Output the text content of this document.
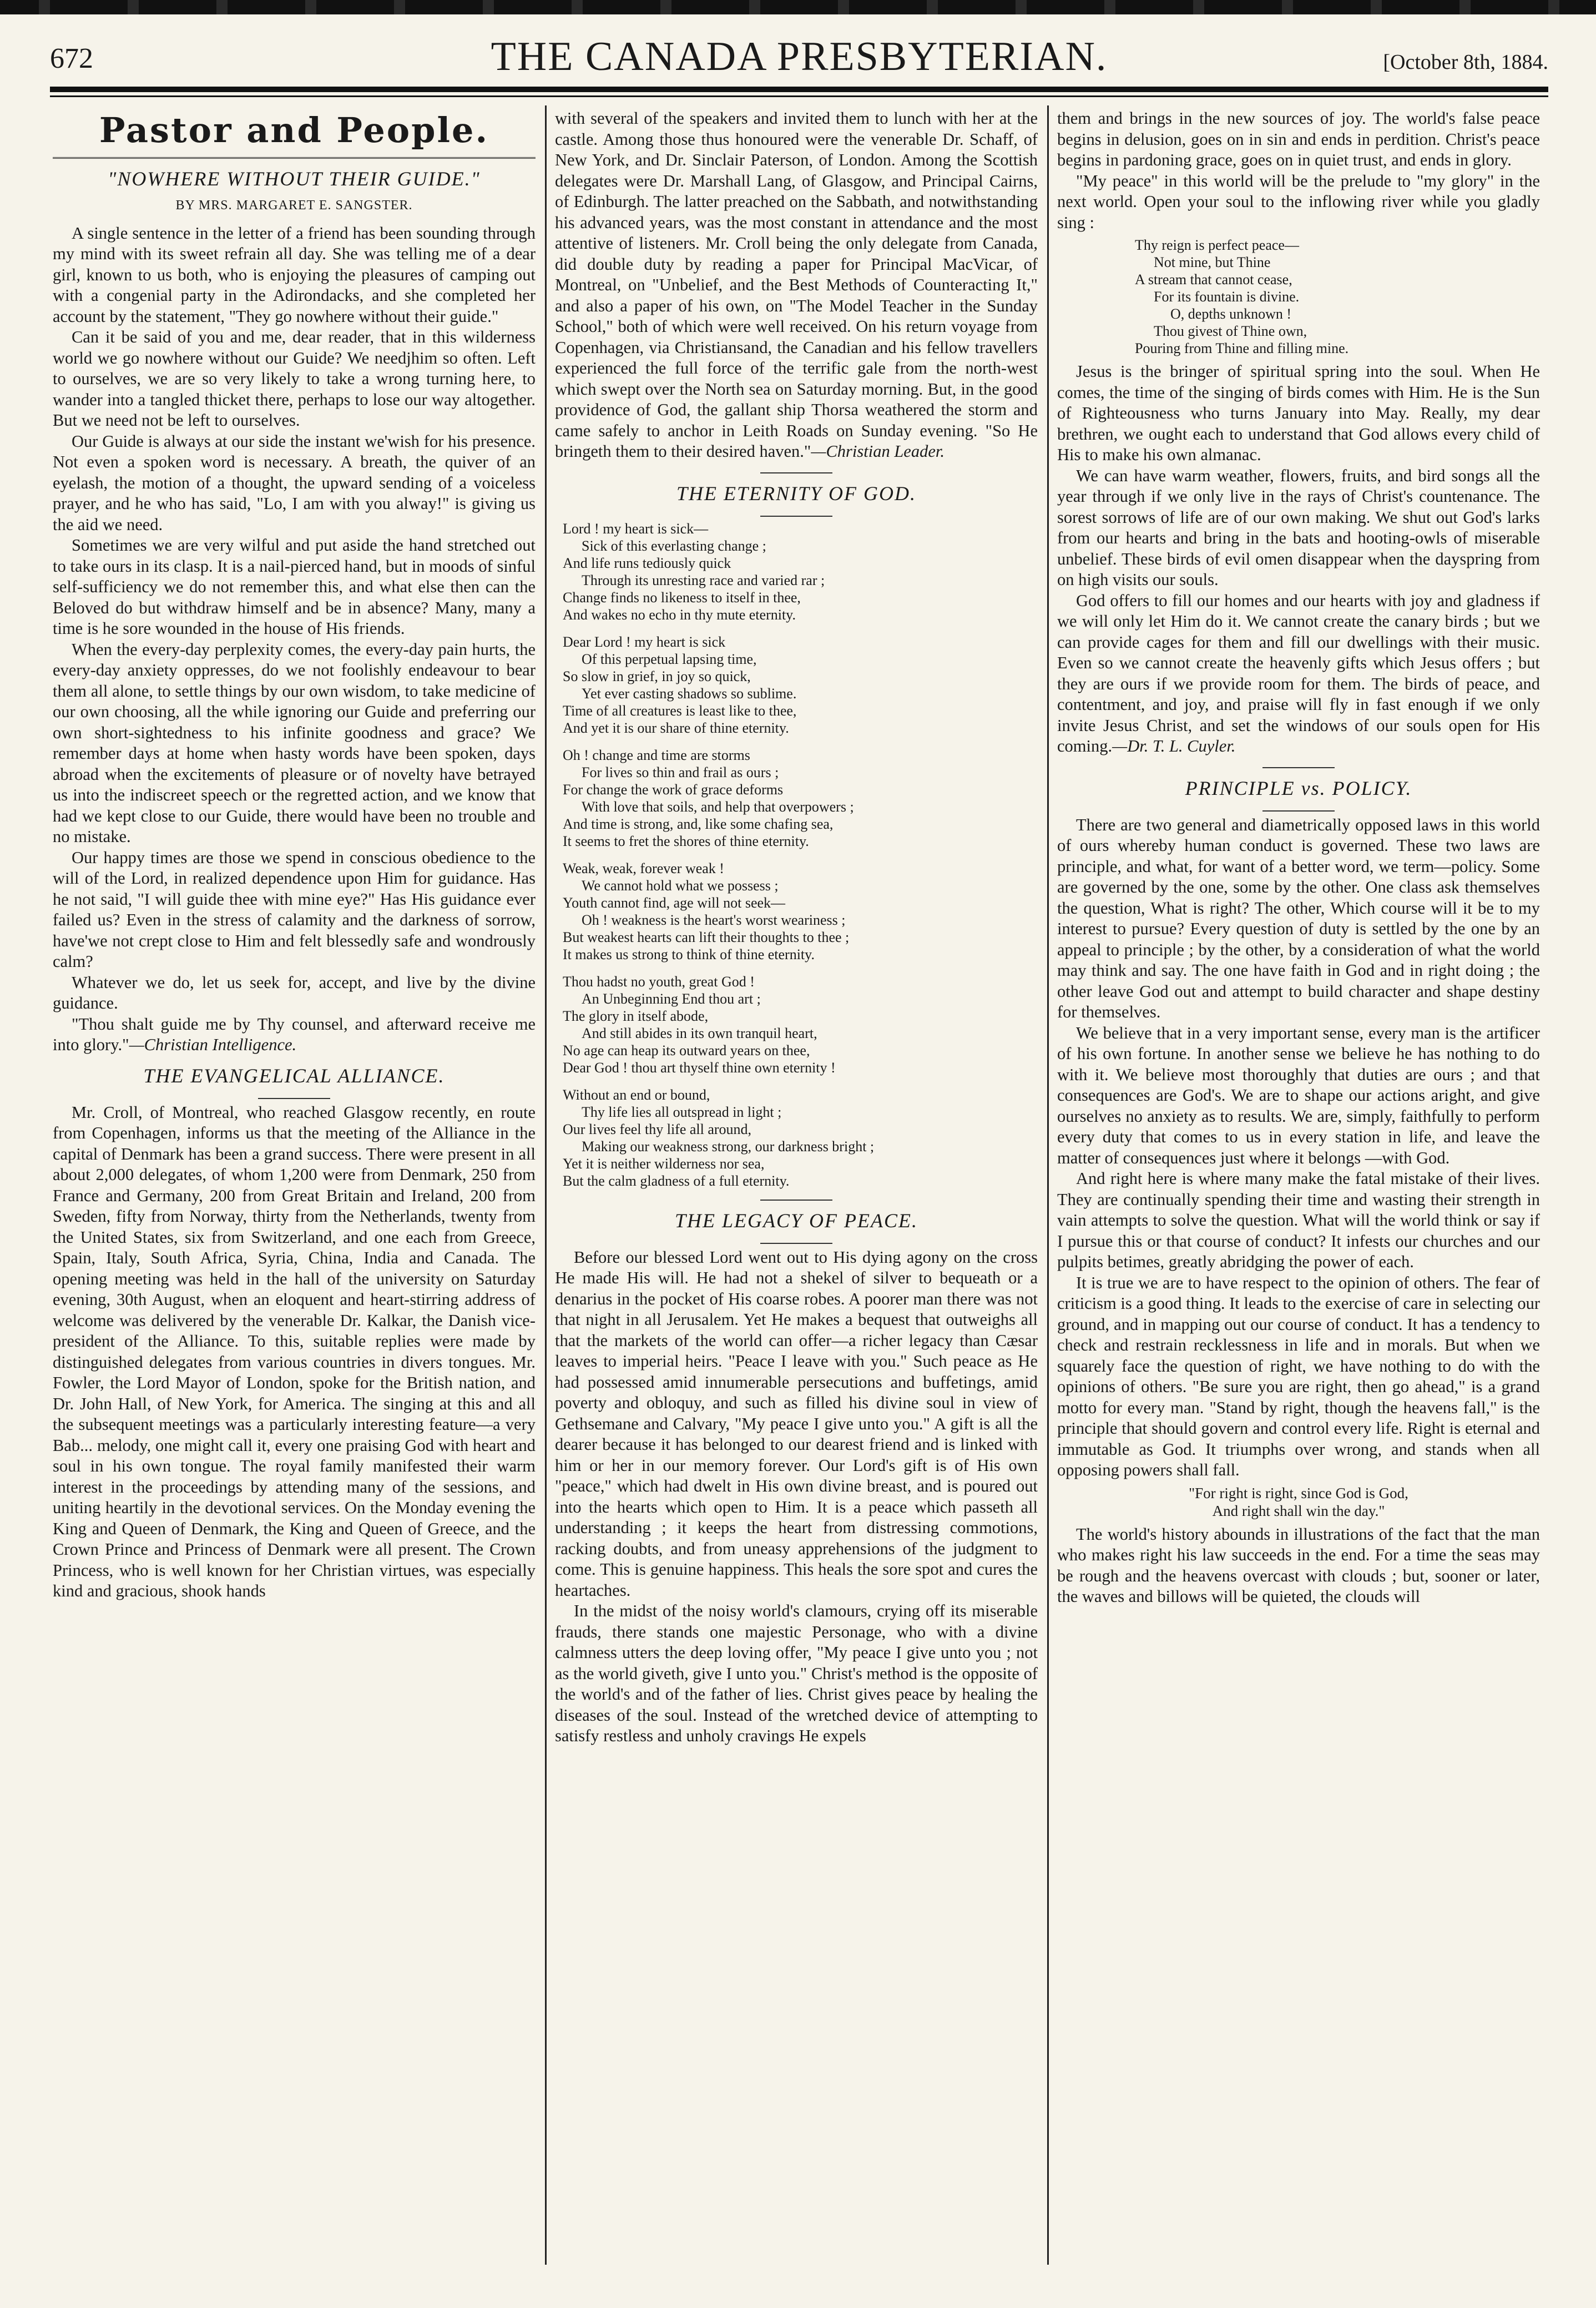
672	THE CANADA PRESBYTERIAN.	[October 8th, 1884.
Pastor and People.
"NOWHERE WITHOUT THEIR GUIDE."
BY MRS. MARGARET E. SANGSTER.

A single sentence in the letter of a friend has been sounding through my mind with its sweet refrain all day. She was telling me of a dear girl, known to us both, who is enjoying the pleasures of camping out with a congenial party in the Adirondacks, and she completed her account by the statement, "They go nowhere without their guide."

Can it be said of you and me, dear reader, that in this wilderness world we go nowhere without our Guide? We needjhim so often. Left to ourselves, we are so very likely to take a wrong turning here, to wander into a tangled thicket there, perhaps to lose our way altogether. But we need not be left to ourselves.

Our Guide is always at our side the instant we'wish for his presence. Not even a spoken word is necessary. A breath, the quiver of an eyelash, the motion of a thought, the upward sending of a voiceless prayer, and he who has said, "Lo, I am with you alway!" is giving us the aid we need.

Sometimes we are very wilful and put aside the hand stretched out to take ours in its clasp. It is a nail-pierced hand, but in moods of sinful self-sufficiency we do not remember this, and what else then can the Beloved do but withdraw himself and be in absence? Many, many a time is he sore wounded in the house of His friends.

When the every-day perplexity comes, the every-day pain hurts, the every-day anxiety oppresses, do we not foolishly endeavour to bear them all alone, to settle things by our own wisdom, to take medicine of our own choosing, all the while ignoring our Guide and preferring our own short-sightedness to his infinite goodness and grace? We remember days at home when hasty words have been spoken, days abroad when the excitements of pleasure or of novelty have betrayed us into the indiscreet speech or the regretted action, and we know that had we kept close to our Guide, there would have been no trouble and no mistake.

Our happy times are those we spend in conscious obedience to the will of the Lord, in realized dependence upon Him for guidance. Has he not said, "I will guide thee with mine eye?" Has His guidance ever failed us? Even in the stress of calamity and the darkness of sorrow, have'we not crept close to Him and felt blessedly safe and wondrously calm?

Whatever we do, let us seek for, accept, and live by the divine guidance.

"Thou shalt guide me by Thy counsel, and afterward receive me into glory."—Christian Intelligence.

THE EVANGELICAL ALLIANCE.

Mr. Croll, of Montreal, who reached Glasgow recently, en route from Copenhagen, informs us that the meeting of the Alliance in the capital of Denmark has been a grand success. There were present in all about 2,000 delegates, of whom 1,200 were from Denmark, 250 from France and Germany, 200 from Great Britain and Ireland, 200 from Sweden, fifty from Norway, thirty from the Netherlands, twenty from the United States, six from Switzerland, and one each from Greece, Spain, Italy, South Africa, Syria, China, India and Canada. The opening meeting was held in the hall of the university on Saturday evening, 30th August, when an eloquent and heart-stirring address of welcome was delivered by the venerable Dr. Kalkar, the Danish vice-president of the Alliance. To this, suitable replies were made by distinguished delegates from various countries in divers tongues. Mr. Fowler, the Lord Mayor of London, spoke for the British nation, and Dr. John Hall, of New York, for America. The singing at this and all the subsequent meetings was a particularly interesting feature—a very Bab... melody, one might call it, every one praising God with heart and soul in his own tongue. The royal family manifested their warm interest in the proceedings by attending many of the sessions, and uniting heartily in the devotional services. On the Monday evening the King and Queen of Denmark, the King and Queen of Greece, and the Crown Prince and Princess of Denmark were all present. The Crown Princess, who is well known for her Christian virtues, was especially kind and gracious, shook hands

with several of the speakers and invited them to lunch with her at the castle. Among those thus honoured were the venerable Dr. Schaff, of New York, and Dr. Sinclair Paterson, of London. Among the Scottish delegates were Dr. Marshall Lang, of Glasgow, and Principal Cairns, of Edinburgh. The latter preached on the Sabbath, and notwithstanding his advanced years, was the most constant in attendance and the most attentive of listeners. Mr. Croll being the only delegate from Canada, did double duty by reading a paper for Principal MacVicar, of Montreal, on "Unbelief, and the Best Methods of Counteracting It," and also a paper of his own, on "The Model Teacher in the Sunday School," both of which were well received. On his return voyage from Copenhagen, via Christiansand, the Canadian and his fellow travellers experienced the full force of the terrific gale from the north-west which swept over the North sea on Saturday morning. But, in the good providence of God, the gallant ship Thorsa weathered the storm and came safely to anchor in Leith Roads on Sunday evening. "So He bringeth them to their desired haven."—Christian Leader.

THE ETERNITY OF GOD.
Lord ! my heart is sick—
Sick of this everlasting change ;
And life runs tediously quick
Through its unresting race and varied rar ;
Change finds no likeness to itself in thee,
And wakes no echo in thy mute eternity.
Dear Lord ! my heart is sick
Of this perpetual lapsing time,
So slow in grief, in joy so quick,
Yet ever casting shadows so sublime.
Time of all creatures is least like to thee,
And yet it is our share of thine eternity.
Oh ! change and time are storms
For lives so thin and frail as ours ;
For change the work of grace deforms
With love that soils, and help that overpowers ;
And time is strong, and, like some chafing sea,
It seems to fret the shores of thine eternity.
Weak, weak, forever weak !
We cannot hold what we possess ;
Youth cannot find, age will not seek—
Oh ! weakness is the heart's worst weariness ;
But weakest hearts can lift their thoughts to thee ;
It makes us strong to think of thine eternity.
Thou hadst no youth, great God !
An Unbeginning End thou art ;
The glory in itself abode,
And still abides in its own tranquil heart,
No age can heap its outward years on thee,
Dear God ! thou art thyself thine own eternity !
Without an end or bound,
Thy life lies all outspread in light ;
Our lives feel thy life all around,
Making our weakness strong, our darkness bright ;
Yet it is neither wilderness nor sea,
But the calm gladness of a full eternity.
THE LEGACY OF PEACE.

Before our blessed Lord went out to His dying agony on the cross He made His will. He had not a shekel of silver to bequeath or a denarius in the pocket of His coarse robes. A poorer man there was not that night in all Jerusalem. Yet He makes a bequest that outweighs all that the markets of the world can offer—a richer legacy than Cæsar leaves to imperial heirs. "Peace I leave with you." Such peace as He had possessed amid innumerable persecutions and buffetings, amid poverty and obloquy, and such as filled his divine soul in view of Gethsemane and Calvary, "My peace I give unto you." A gift is all the dearer because it has belonged to our dearest friend and is linked with him or her in our memory forever. Our Lord's gift is of His own "peace," which had dwelt in His own divine breast, and is poured out into the hearts which open to Him. It is a peace which passeth all understanding ; it keeps the heart from distressing commotions, racking doubts, and from uneasy apprehensions of the judgment to come. This is genuine happiness. This heals the sore spot and cures the heartaches.

In the midst of the noisy world's clamours, crying off its miserable frauds, there stands one majestic Personage, who with a divine calmness utters the deep loving offer, "My peace I give unto you ; not as the world giveth, give I unto you." Christ's method is the opposite of the world's and of the father of lies. Christ gives peace by healing the diseases of the soul. Instead of the wretched device of attempting to satisfy restless and unholy cravings He expels

them and brings in the new sources of joy. The world's false peace begins in delusion, goes on in sin and ends in perdition. Christ's peace begins in pardoning grace, goes on in quiet trust, and ends in glory.

"My peace" in this world will be the prelude to "my glory" in the next world. Open your soul to the inflowing river while you gladly sing :

Thy reign is perfect peace—
Not mine, but Thine
A stream that cannot cease,
For its fountain is divine.
O, depths unknown !
Thou givest of Thine own,
Pouring from Thine and filling mine.

Jesus is the bringer of spiritual spring into the soul. When He comes, the time of the singing of birds comes with Him. He is the Sun of Righteousness who turns January into May. Really, my dear brethren, we ought each to understand that God allows every child of His to make his own almanac.

We can have warm weather, flowers, fruits, and bird songs all the year through if we only live in the rays of Christ's countenance. The sorest sorrows of life are of our own making. We shut out God's larks from our hearts and bring in the bats and hooting-owls of miserable unbelief. These birds of evil omen disappear when the dayspring from on high visits our souls.

God offers to fill our homes and our hearts with joy and gladness if we will only let Him do it. We cannot create the canary birds ; but we can provide cages for them and fill our dwellings with their music. Even so we cannot create the heavenly gifts which Jesus offers ; but they are ours if we provide room for them. The birds of peace, and contentment, and joy, and praise will fly in fast enough if we only invite Jesus Christ, and set the windows of our souls open for His coming.—Dr. T. L. Cuyler.

PRINCIPLE vs. POLICY.

There are two general and diametrically opposed laws in this world of ours whereby human conduct is governed. These two laws are principle, and what, for want of a better word, we term—policy. Some are governed by the one, some by the other. One class ask themselves the question, What is right? The other, Which course will it be to my interest to pursue? Every question of duty is settled by the one by an appeal to principle ; by the other, by a consideration of what the world may think and say. The one have faith in God and in right doing ; the other leave God out and attempt to build character and shape destiny for themselves.

We believe that in a very important sense, every man is the artificer of his own fortune. In another sense we believe he has nothing to do with it. We believe most thoroughly that duties are ours ; and that consequences are God's. We are to shape our actions aright, and give ourselves no anxiety as to results. We are, simply, faithfully to perform every duty that comes to us in every station in life, and leave the matter of consequences just where it belongs —with God.

And right here is where many make the fatal mistake of their lives. They are continually spending their time and wasting their strength in vain attempts to solve the question. What will the world think or say if I pursue this or that course of conduct? It infests our churches and our pulpits betimes, greatly abridging the power of each.

It is true we are to have respect to the opinion of others. The fear of criticism is a good thing. It leads to the exercise of care in selecting our ground, and in mapping out our course of conduct. It has a tendency to check and restrain recklessness in life and in morals. But when we squarely face the question of right, we have nothing to do with the opinions of others. "Be sure you are right, then go ahead," is a grand motto for every man. "Stand by right, though the heavens fall," is the principle that should govern and control every life. Right is eternal and immutable as God. It triumphs over wrong, and stands when all opposing powers shall fall.

"For right is right, since God is God,
And right shall win the day."

The world's history abounds in illustrations of the fact that the man who makes right his law succeeds in the end. For a time the seas may be rough and the heavens overcast with clouds ; but, sooner or later, the waves and billows will be quieted, the clouds will
